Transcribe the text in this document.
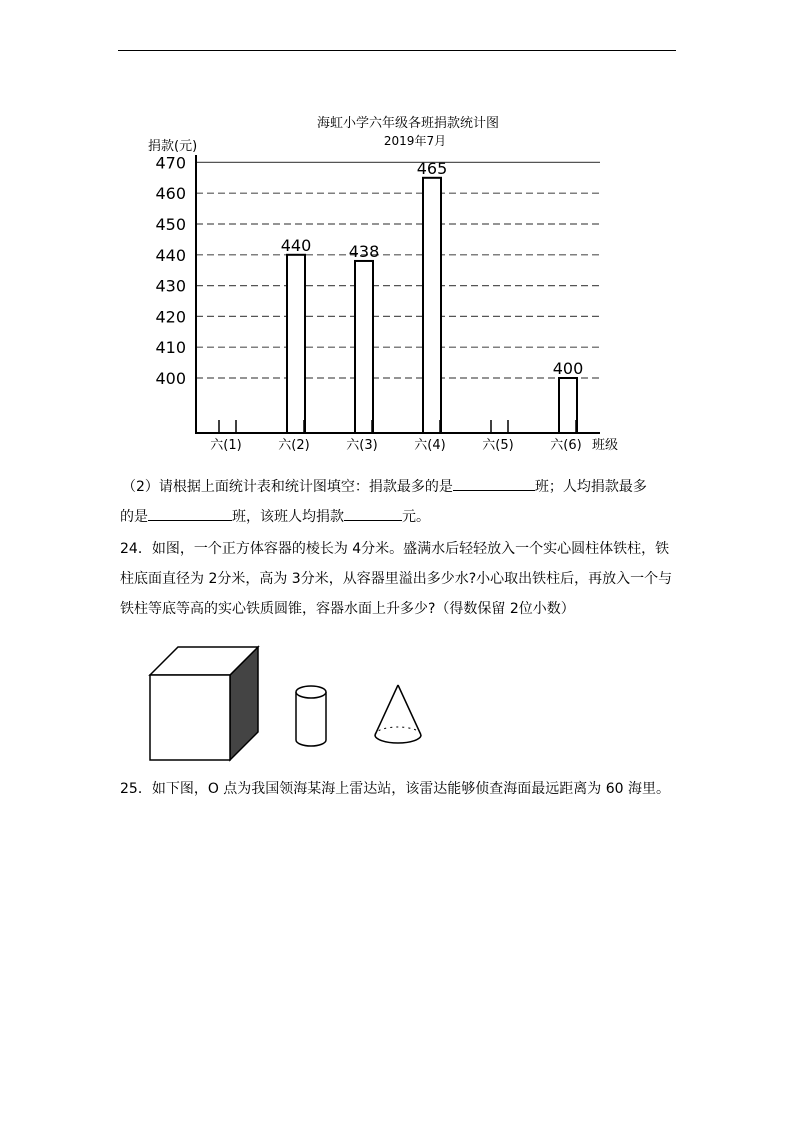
海虹小学六年级各班捐款统计图
2019年7月
捐款(元)
班级
470
460
450
440
430
420
410
400
440 438
465
400
六(1)	六(2)	六(3)	六(4)	六(5)	六(6)
（2）请根据上面统计表和统计图填空：捐款最多的是	班；人均捐款最多
的是	班，该班人均捐款	元。
24．如图，一个正方体容器的棱长为 4分米。盛满水后轻轻放入一个实心圆柱体铁柱，铁
柱底面直径为 2分米，高为 3分米，从容器里溢出多少水?小心取出铁柱后，再放入一个与
铁柱等底等高的实心铁质圆锥，容器水面上升多少?（得数保留 2位小数）
25．如下图，O 点为我国领海某海上雷达站，该雷达能够侦查海面最远距离为 60 海里。
